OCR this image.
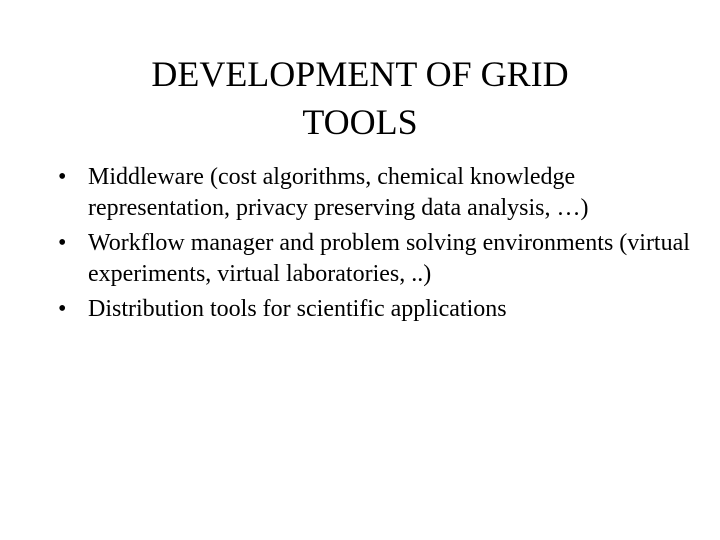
DEVELOPMENT OF GRID
TOOLS
• Middleware (cost algorithms, chemical knowledge representation, privacy preserving data analysis, …)
• Workflow manager and problem solving environments (virtual experiments, virtual laboratories, ..)
• Distribution tools for scientific applications
